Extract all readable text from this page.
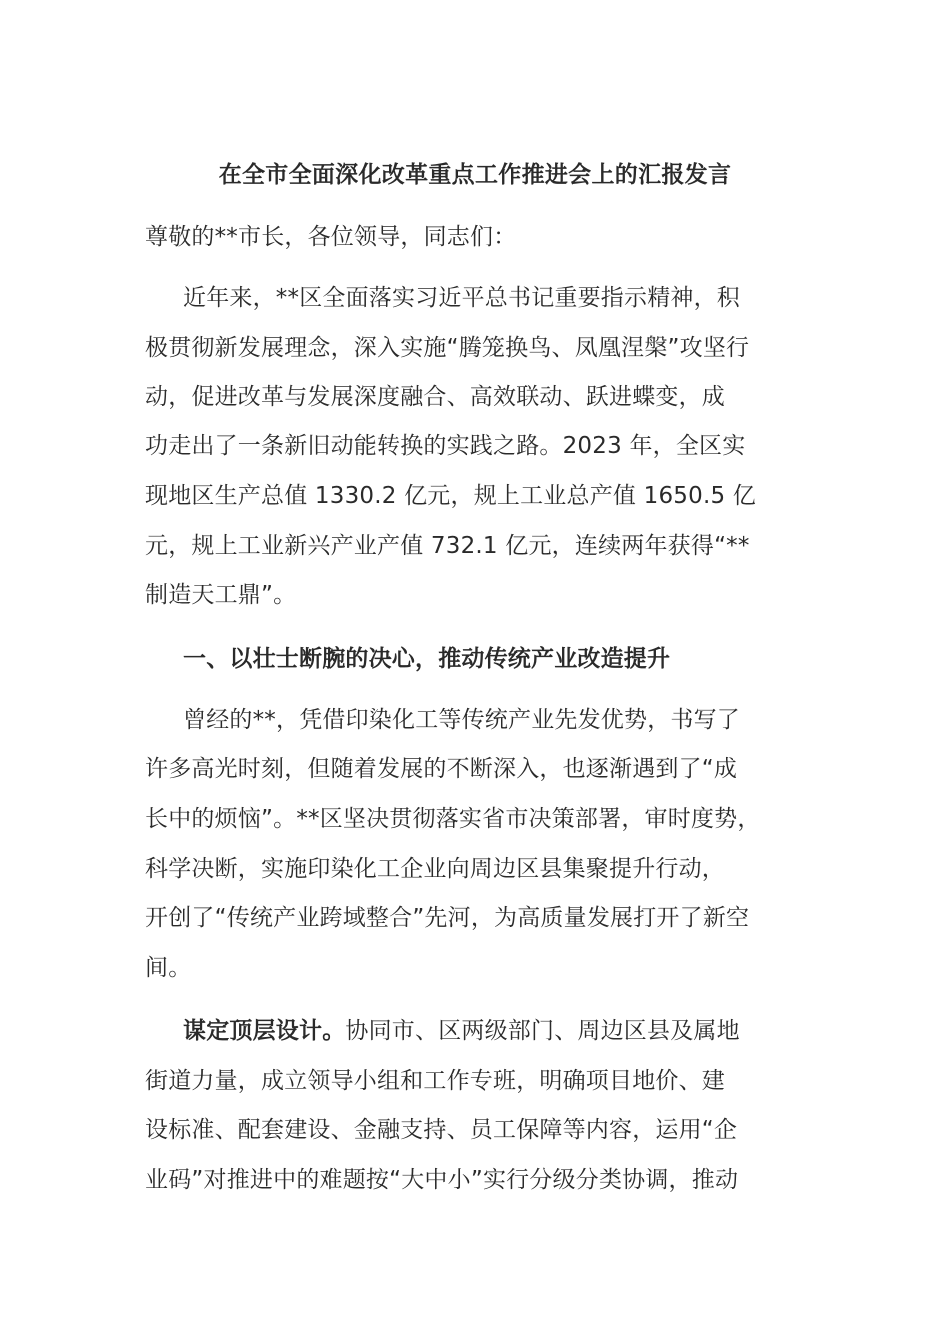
在全市全面深化改革重点工作推进会上的汇报发言
尊敬的**市长，各位领导，同志们：
近年来，**区全面落实习近平总书记重要指示精神，积
极贯彻新发展理念，深入实施“腾笼换鸟、凤凰涅槃”攻坚行
动，促进改革与发展深度融合、高效联动、跃进蝶变，成
功走出了一条新旧动能转换的实践之路。2023 年，全区实
现地区生产总值 1330.2 亿元，规上工业总产值 1650.5 亿
元，规上工业新兴产业产值 732.1 亿元，连续两年获得“**
制造天工鼎”。
一、以壮士断腕的决心，推动传统产业改造提升
曾经的**，凭借印染化工等传统产业先发优势，书写了
许多高光时刻，但随着发展的不断深入，也逐渐遇到了“成
长中的烦恼”。**区坚决贯彻落实省市决策部署，审时度势，
科学决断，实施印染化工企业向周边区县集聚提升行动，
开创了“传统产业跨域整合”先河，为高质量发展打开了新空
间。
谋定顶层设计。协同市、区两级部门、周边区县及属地
街道力量，成立领导小组和工作专班，明确项目地价、建
设标准、配套建设、金融支持、员工保障等内容，运用“企
业码”对推进中的难题按“大中小”实行分级分类协调，推动
